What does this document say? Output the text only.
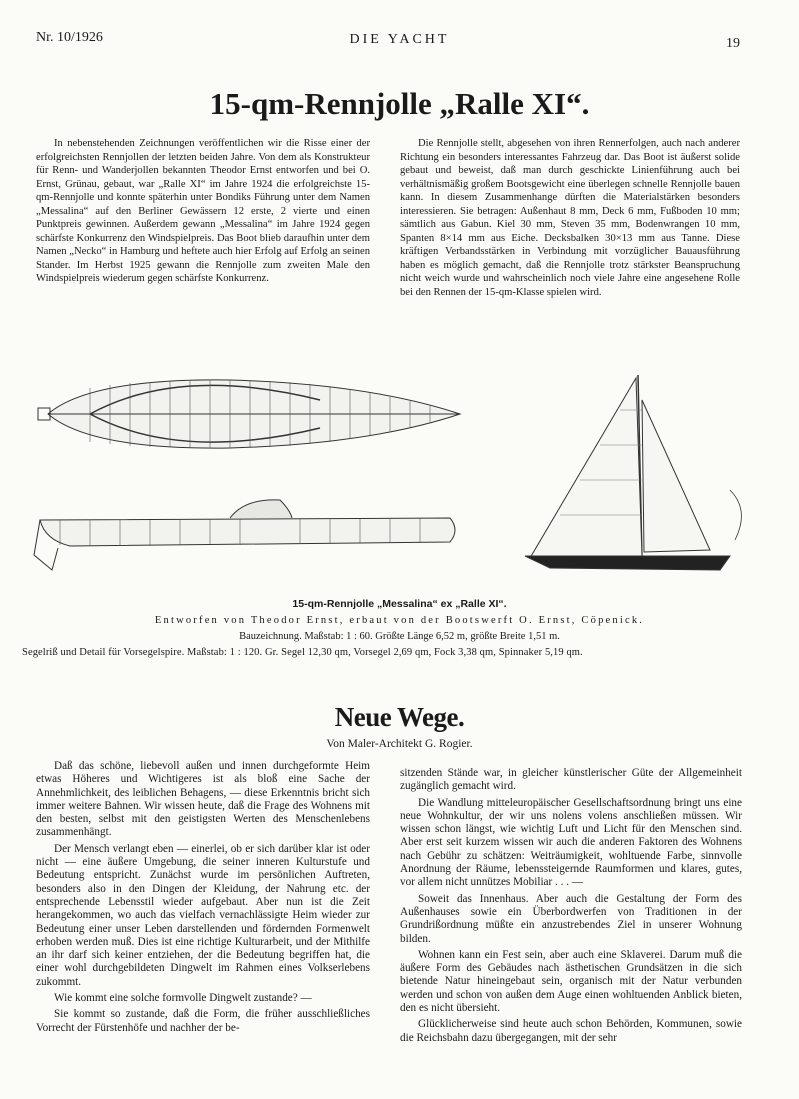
Nr. 10/1926	DIE YACHT	19
15-qm-Rennjolle „Ralle XI“.

In nebenstehenden Zeichnungen veröffentlichen wir die Risse einer der erfolgreichsten Rennjollen der letzten beiden Jahre. Von dem als Konstrukteur für Renn- und Wanderjollen bekannten Theodor Ernst entworfen und bei O. Ernst, Grünau, gebaut, war „Ralle XI“ im Jahre 1924 die erfolgreichste 15-qm-Rennjolle und konnte späterhin unter Bondiks Führung unter dem Namen „Messalina“ auf den Berliner Gewässern 12 erste, 2 vierte und einen Punktpreis gewinnen. Außerdem gewann „Messalina“ im Jahre 1924 gegen schärfste Konkurrenz den Windspielpreis. Das Boot blieb daraufhin unter dem Namen „Necko“ in Hamburg und heftete auch hier Erfolg auf Erfolg an seinen Stander. Im Herbst 1925 gewann die Rennjolle zum zweiten Male den Windspielpreis wiederum gegen schärfste Konkurrenz.

Die Rennjolle stellt, abgesehen von ihren Rennerfolgen, auch nach anderer Richtung ein besonders interessantes Fahrzeug dar. Das Boot ist äußerst solide gebaut und beweist, daß man durch geschickte Linienführung auch bei verhältnismäßig großem Bootsgewicht eine überlegen schnelle Rennjolle bauen kann. In diesem Zusammenhange dürften die Materialstärken besonders interessieren. Sie betragen: Außenhaut 8 mm, Deck 6 mm, Fußboden 10 mm; sämtlich aus Gabun. Kiel 30 mm, Steven 35 mm, Bodenwrangen 10 mm, Spanten 8×14 mm aus Eiche. Decksbalken 30×13 mm aus Tanne. Diese kräftigen Verbandsstärken in Verbindung mit vorzüglicher Bauausführung haben es möglich gemacht, daß die Rennjolle trotz stärkster Beanspruchung nicht weich wurde und wahrscheinlich noch viele Jahre eine angesehene Rolle bei den Rennen der 15-qm-Klasse spielen wird.

15-qm-Rennjolle „Messalina“ ex „Ralle XI“.
Entworfen von Theodor Ernst, erbaut von der Bootswerft O. Ernst, Cöpenick.
Bauzeichnung. Maßstab: 1 : 60. Größte Länge 6,52 m, größte Breite 1,51 m.
Segelriß und Detail für Vorsegelspire. Maßstab: 1 : 120. Gr. Segel 12,30 qm, Vorsegel 2,69 qm, Fock 3,38 qm, Spinnaker 5,19 qm.
Neue Wege.
Von Maler-Architekt G. Rogier.

Daß das schöne, liebevoll außen und innen durchgeformte Heim etwas Höheres und Wichtigeres ist als bloß eine Sache der Annehmlichkeit, des leiblichen Behagens, — diese Erkenntnis bricht sich immer weitere Bahnen. Wir wissen heute, daß die Frage des Wohnens mit den besten, selbst mit den geistigsten Werten des Menschenlebens zusammenhängt.

Der Mensch verlangt eben — einerlei, ob er sich darüber klar ist oder nicht — eine äußere Umgebung, die seiner inneren Kulturstufe und Bedeutung entspricht. Zunächst wurde im persönlichen Auftreten, besonders also in den Dingen der Kleidung, der Nahrung etc. der entsprechende Lebensstil wieder aufgebaut. Aber nun ist die Zeit herangekommen, wo auch das vielfach vernachlässigte Heim wieder zur Bedeutung einer unser Leben darstellenden und fördernden Formenwelt erhoben werden muß. Dies ist eine richtige Kulturarbeit, und der Mithilfe an ihr darf sich keiner entziehen, der die Bedeutung begriffen hat, die einer wohl durchgebildeten Dingwelt im Rahmen eines Volkserlebens zukommt.

Wie kommt eine solche formvolle Dingwelt zustande? —

Sie kommt so zustande, daß die Form, die früher ausschließliches Vorrecht der Fürstenhöfe und nachher der be-

sitzenden Stände war, in gleicher künstlerischer Güte der Allgemeinheit zugänglich gemacht wird.

Die Wandlung mitteleuropäischer Gesellschaftsordnung bringt uns eine neue Wohnkultur, der wir uns nolens volens anschließen müssen. Wir wissen schon längst, wie wichtig Luft und Licht für den Menschen sind. Aber erst seit kurzem wissen wir auch die anderen Faktoren des Wohnens nach Gebühr zu schätzen: Weiträumigkeit, wohltuende Farbe, sinnvolle Anordnung der Räume, lebenssteigernde Raumformen und klares, gutes, vor allem nicht unnützes Mobiliar . . . —

Soweit das Innenhaus. Aber auch die Gestaltung der Form des Außenhauses sowie ein Überbordwerfen von Traditionen in der Grundrißordnung müßte ein anzustrebendes Ziel in unserer Wohnung bilden.

Wohnen kann ein Fest sein, aber auch eine Sklaverei. Darum muß die äußere Form des Gebäudes nach ästhetischen Grundsätzen in die sich bietende Natur hineingebaut sein, organisch mit der Natur verbunden werden und schon von außen dem Auge einen wohltuenden Anblick bieten, den es nicht übersieht.

Glücklicherweise sind heute auch schon Behörden, Kommunen, sowie die Reichsbahn dazu übergegangen, mit der sehr
